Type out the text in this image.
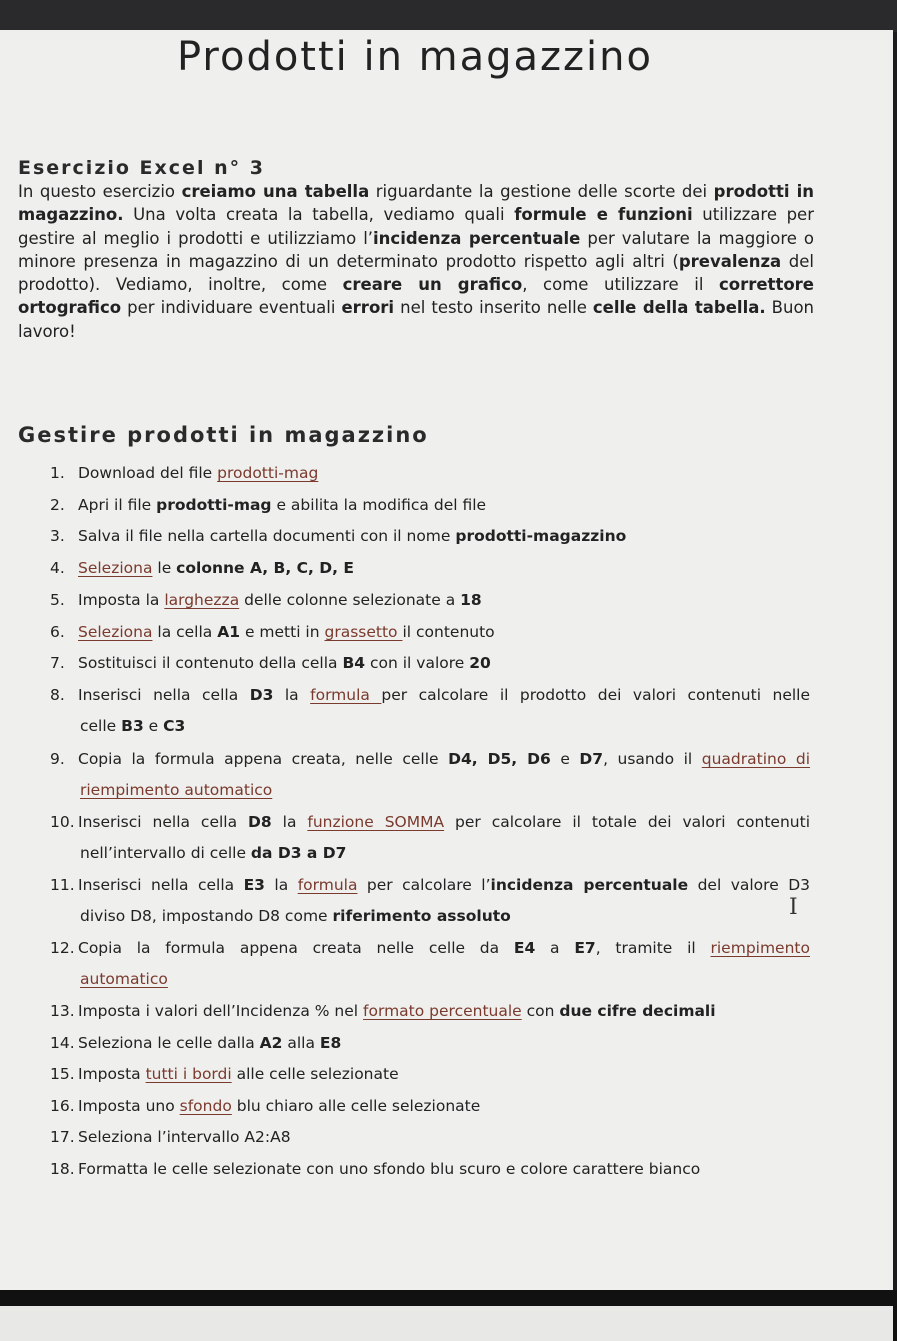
Prodotti in magazzino
Esercizio Excel n° 3
In questo esercizio creiamo una tabella riguardante la gestione delle scorte dei prodotti in magazzino. Una volta creata la tabella, vediamo quali formule e funzioni utilizzare per gestire al meglio i prodotti e utilizziamo l’incidenza percentuale per valutare la maggiore o minore presenza in magazzino di un determinato prodotto rispetto agli altri (prevalenza del prodotto). Vediamo, inoltre, come creare un grafico, come utilizzare il correttore ortografico per individuare eventuali errori nel testo inserito nelle celle della tabella. Buon lavoro!
Gestire prodotti in magazzino
1. Download del file prodotti-mag
2. Apri il file prodotti-mag e abilita la modifica del file
3. Salva il file nella cartella documenti con il nome prodotti-magazzino
4. Seleziona le colonne A, B, C, D, E
5. Imposta la larghezza delle colonne selezionate a 18
6. Seleziona la cella A1 e metti in grassetto il contenuto
7. Sostituisci il contenuto della cella B4 con il valore 20
8. Inserisci nella cella D3 la formula per calcolare il prodotto dei valori contenuti nelle
celle B3 e C3
9. Copia la formula appena creata, nelle celle D4, D5, D6 e D7, usando il quadratino di
riempimento automatico
10. Inserisci nella cella D8 la funzione SOMMA per calcolare il totale dei valori contenuti
nell’intervallo di celle da D3 a D7
11. Inserisci nella cella E3 la formula per calcolare l’incidenza percentuale del valore D3
diviso D8, impostando D8 come riferimento assoluto
12. Copia la formula appena creata nelle celle da E4 a E7, tramite il riempimento
automatico
13. Imposta i valori dell’Incidenza % nel formato percentuale con due cifre decimali
14. Seleziona le celle dalla A2 alla E8
15. Imposta tutti i bordi alle celle selezionate
16. Imposta uno sfondo blu chiaro alle celle selezionate
17. Seleziona l’intervallo A2:A8
18. Formatta le celle selezionate con uno sfondo blu scuro e colore carattere bianco
I
